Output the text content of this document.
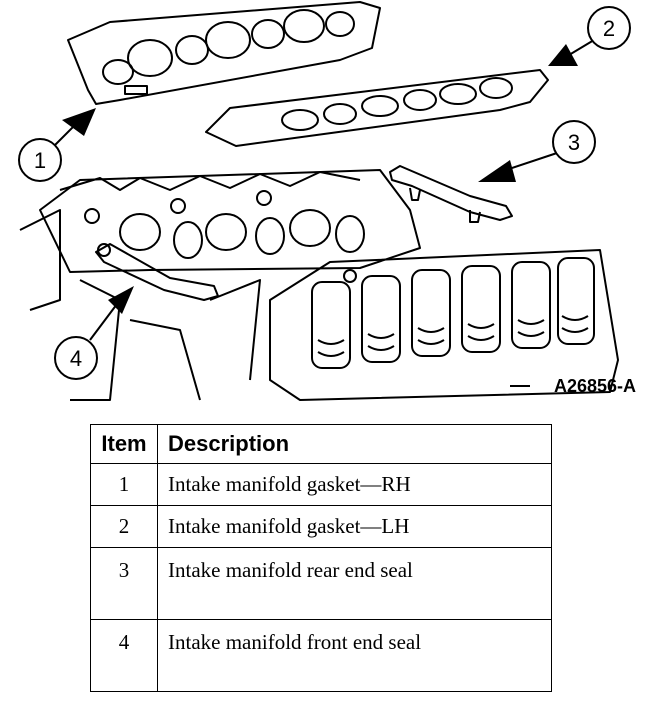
1
2
3
4
A26856-A
Item	Description
1	Intake manifold gasket—RH
2	Intake manifold gasket—LH
3	Intake manifold rear end seal
4	Intake manifold front end seal
